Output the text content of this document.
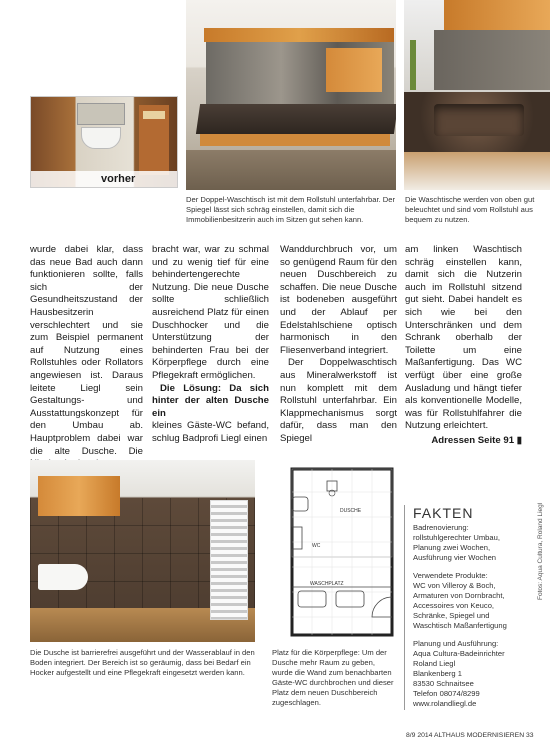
vorher
Der Doppel-Waschtisch ist mit dem Rollstuhl unterfahrbar. Der Spiegel lässt sich schräg einstellen, damit sich die Immobilienbesitzerin auch im Sitzen gut sehen kann.
Die Waschtische werden von oben gut beleuchtet und sind vom Rollstuhl aus bequem zu nutzen.
wurde dabei klar, dass das neue Bad auch dann funktionieren sollte, falls sich der Gesundheitszustand der Hausbesitzerin verschlechtert und sie zum Beispiel permanent auf Nutzung eines Rollstuhles oder Rollators angewiesen ist. Daraus leitete Liegl sein Gestaltungs- und Ausstattungskonzept für den Umbau ab. Hauptproblem dabei war die alte Dusche. Die
bracht war, war zu schmal und zu wenig tief für eine behindertengerechte Nutzung. Die neue Dusche sollte schließlich ausreichend Platz für einen Duschhocker und die Unterstützung der behinderten Frau bei der Körperpflege durch eine Pflegekraft ermöglichen.
Die Lösung: Da sich hinter der alten Dusche ein
kleines Gäste-WC befand, schlug Badprofi Liegl einen
Wanddurchbruch vor, um so genügend Raum für den neuen Duschbereich zu schaffen. Die neue Dusche ist bodeneben ausgeführt und der Ablauf per Edelstahlschiene optisch harmonisch in den Fliesenverband integriert.
Der Doppelwaschtisch aus Mineralwerkstoff ist nun komplett mit dem Rollstuhl unterfahrbar. Ein Klappmechanismus sorgt dafür, dass man den Spiegel
am linken Waschtisch schräg einstellen kann, damit sich die Nutzerin auch im Rollstuhl sitzend gut sieht. Dabei handelt es sich wie bei den Unterschränken und dem Schrank oberhalb der Toilette um eine Maßanfertigung. Das WC verfügt über eine große Ausladung und hängt tiefer als konventionelle Modelle, was für Rollstuhlfahrer die Nutzung erleichtert.
Adressen Seite 91 ▮
Die Dusche ist barrierefrei ausgeführt und der Wasserablauf in den Boden integriert. Der Bereich ist so geräumig, dass bei Bedarf ein Hocker aufgestellt und eine Pflegekraft eingesetzt werden kann.
DUSCHE
WC
WASCHPLATZ
Platz für die Körperpflege: Um der Dusche mehr Raum zu geben, wurde die Wand zum benachbarten Gäste-WC durchbrochen und dieser Platz dem neuen Duschbereich zugeschlagen.
FAKTEN
Badrenovierung:
rollstuhlgerechter Umbau,
Planung zwei Wochen,
Ausführung vier Wochen
Verwendete Produkte:
WC von Villeroy & Boch,
Armaturen von Dornbracht,
Accessoires von Keuco,
Schränke, Spiegel und
Waschtisch Maßanfertigung
Planung und Ausführung:
Aqua Cultura-Badeinrichter
Roland Liegl
Blankenberg 1
83530 Schnaitsee
Telefon 08074/8299
www.rolandliegl.de
Fotos: Aqua Cultura, Roland Liegl
8/9 2014 ALTHAUS MODERNISIEREN 33
